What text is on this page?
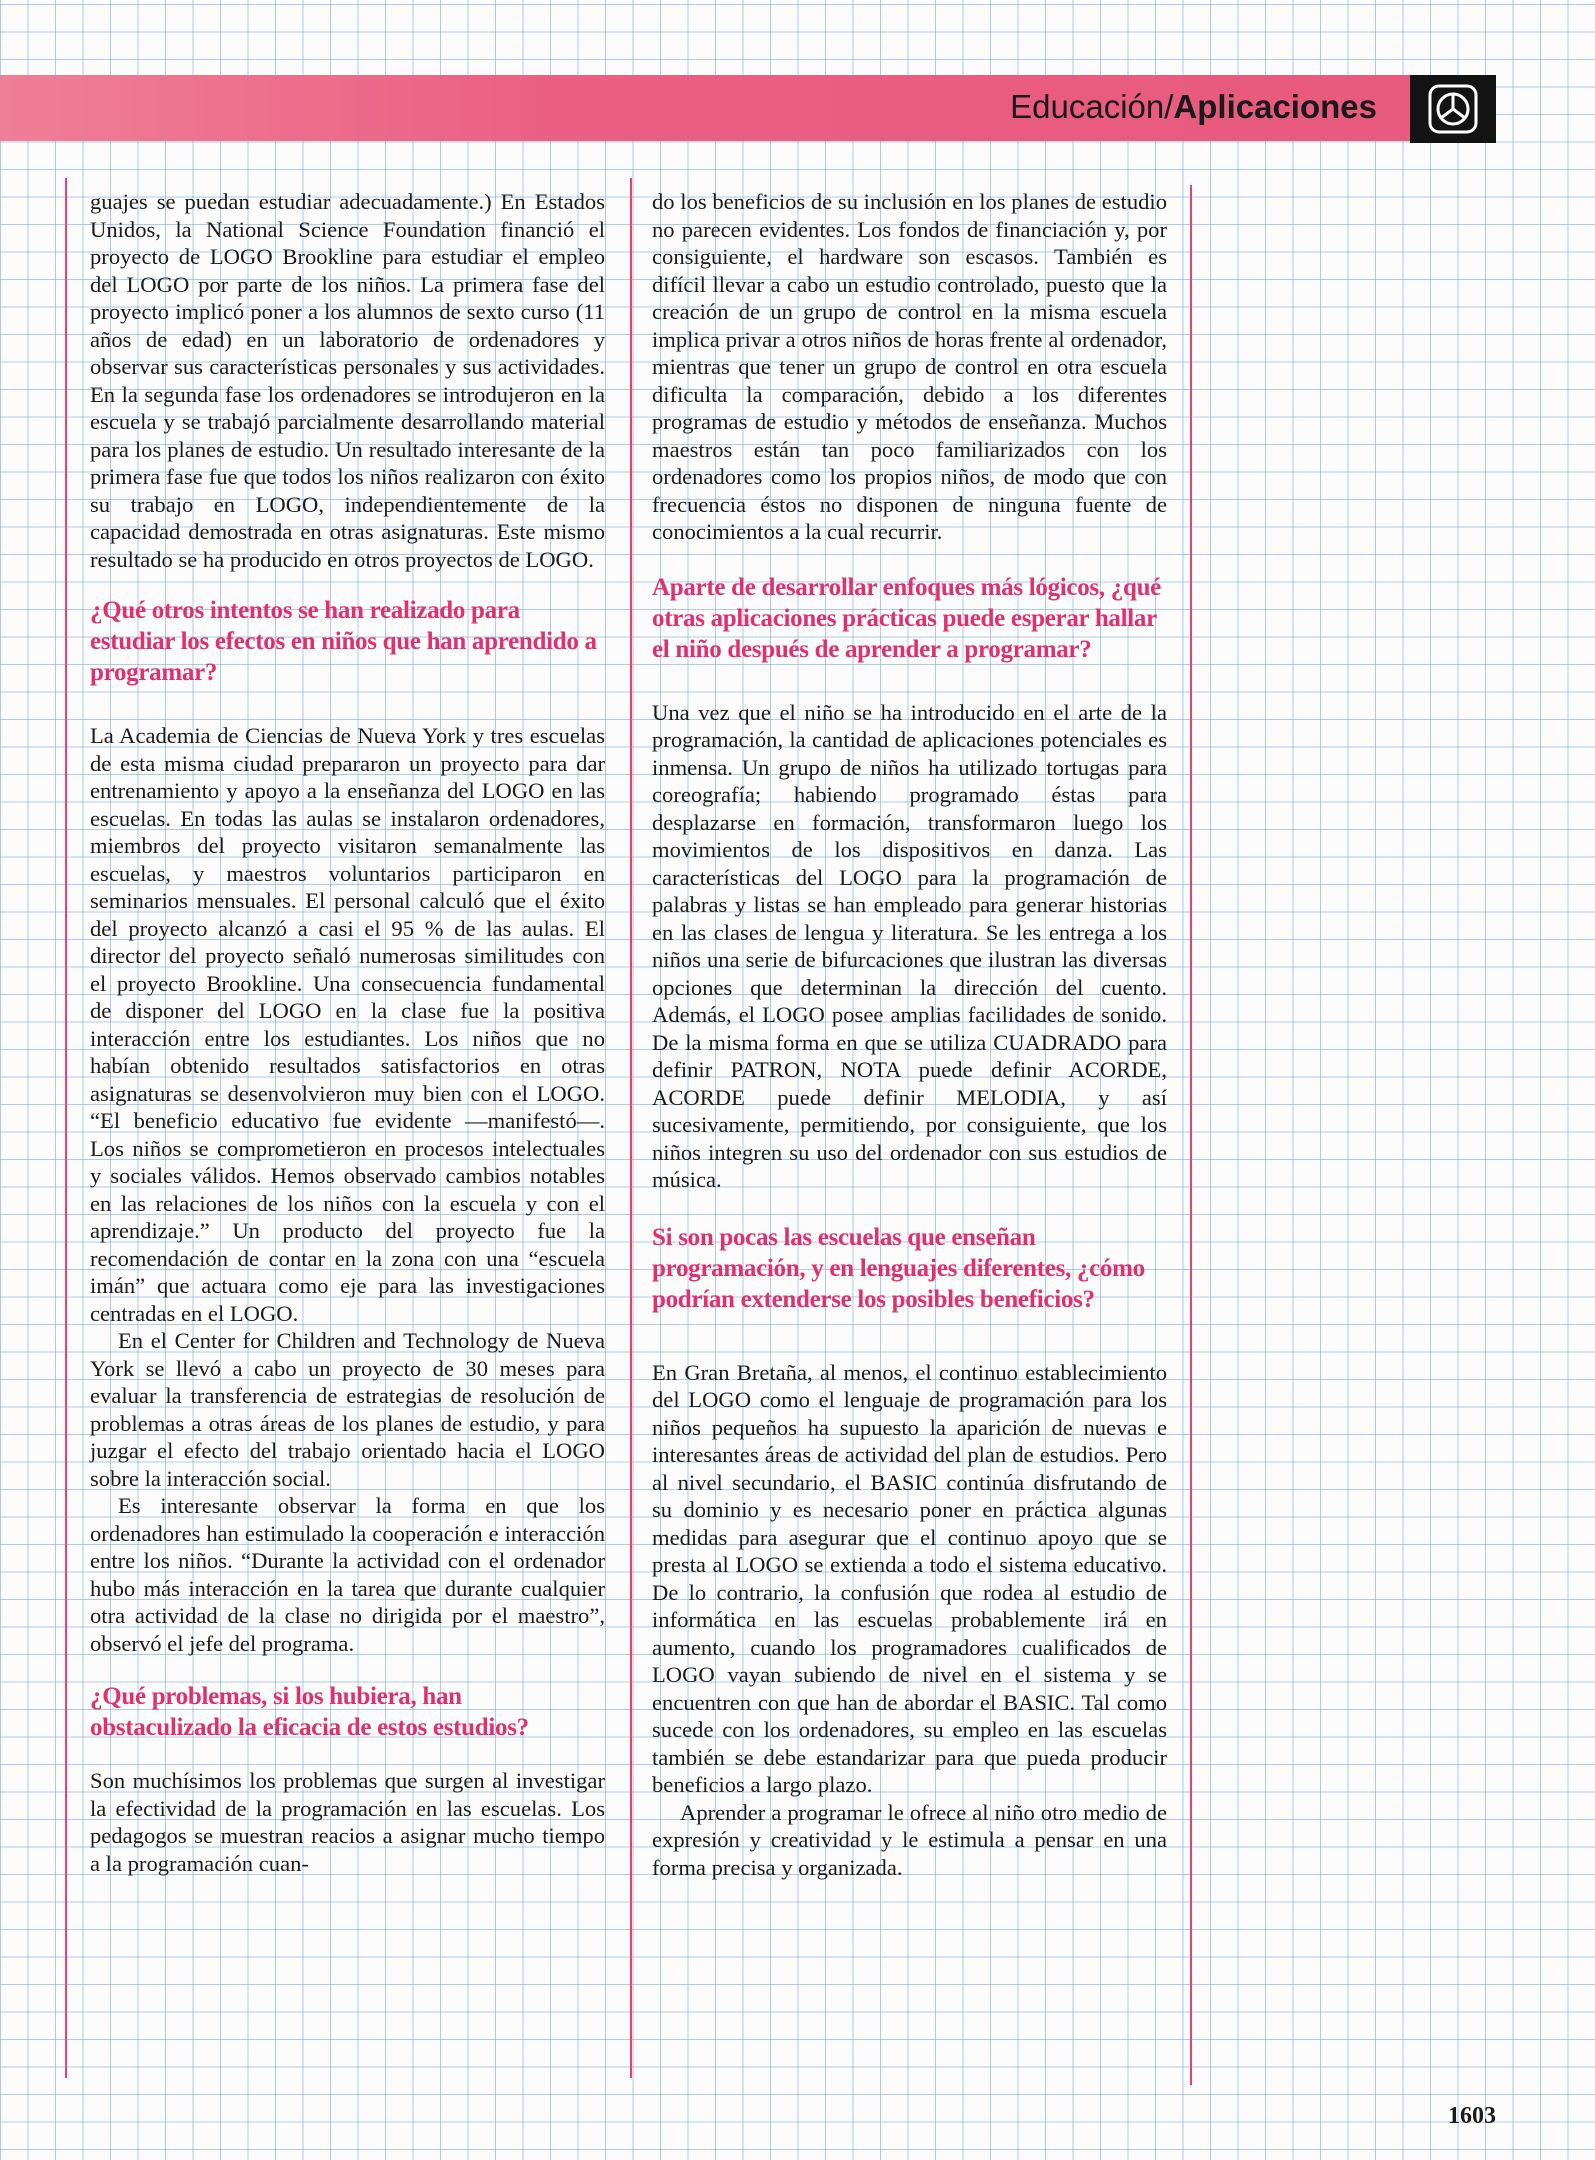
Educación/Aplicaciones

guajes se puedan estudiar adecuadamente.) En Estados Unidos, la National Science Foundation financió el proyecto de LOGO Brookline para estudiar el empleo del LOGO por parte de los niños. La primera fase del proyecto implicó poner a los alumnos de sexto curso (11 años de edad) en un laboratorio de ordenadores y observar sus características personales y sus actividades. En la segunda fase los ordenadores se introdujeron en la escuela y se trabajó parcialmente desarrollando material para los planes de estudio. Un resultado interesante de la primera fase fue que todos los niños realizaron con éxito su trabajo en LOGO, independientemente de la capacidad demostrada en otras asignaturas. Este mismo resultado se ha producido en otros proyectos de LOGO.

¿Qué otros intentos se han realizado para estudiar los efectos en niños que han aprendido a programar?

La Academia de Ciencias de Nueva York y tres escuelas de esta misma ciudad prepararon un proyecto para dar entrenamiento y apoyo a la enseñanza del LOGO en las escuelas. En todas las aulas se instalaron ordenadores, miembros del proyecto visitaron semanalmente las escuelas, y maestros voluntarios participaron en seminarios mensuales. El personal calculó que el éxito del proyecto alcanzó a casi el 95 % de las aulas. El director del proyecto señaló numerosas similitudes con el proyecto Brookline. Una consecuencia fundamental de disponer del LOGO en la clase fue la positiva interacción entre los estudiantes. Los niños que no habían obtenido resultados satisfactorios en otras asignaturas se desenvolvieron muy bien con el LOGO. “El beneficio educativo fue evidente —manifestó—. Los niños se comprometieron en procesos intelectuales y sociales válidos. Hemos observado cambios notables en las relaciones de los niños con la escuela y con el aprendizaje.” Un producto del proyecto fue la recomendación de contar en la zona con una “escuela imán” que actuara como eje para las investigaciones centradas en el LOGO.

En el Center for Children and Technology de Nueva York se llevó a cabo un proyecto de 30 meses para evaluar la transferencia de estrategias de resolución de problemas a otras áreas de los planes de estudio, y para juzgar el efecto del trabajo orientado hacia el LOGO sobre la interacción social.

Es interesante observar la forma en que los ordenadores han estimulado la cooperación e interacción entre los niños. “Durante la actividad con el ordenador hubo más interacción en la tarea que durante cualquier otra actividad de la clase no dirigida por el maestro”, observó el jefe del programa.

¿Qué problemas, si los hubiera, han obstaculizado la eficacia de estos estudios?

Son muchísimos los problemas que surgen al investigar la efectividad de la programación en las escuelas. Los pedagogos se muestran reacios a asignar mucho tiempo a la programación cuan-

do los beneficios de su inclusión en los planes de estudio no parecen evidentes. Los fondos de financiación y, por consiguiente, el hardware son escasos. También es difícil llevar a cabo un estudio controlado, puesto que la creación de un grupo de control en la misma escuela implica privar a otros niños de horas frente al ordenador, mientras que tener un grupo de control en otra escuela dificulta la comparación, debido a los diferentes programas de estudio y métodos de enseñanza. Muchos maestros están tan poco familiarizados con los ordenadores como los propios niños, de modo que con frecuencia éstos no disponen de ninguna fuente de conocimientos a la cual recurrir.

Aparte de desarrollar enfoques más lógicos, ¿qué otras aplicaciones prácticas puede esperar hallar el niño después de aprender a programar?

Una vez que el niño se ha introducido en el arte de la programación, la cantidad de aplicaciones potenciales es inmensa. Un grupo de niños ha utilizado tortugas para coreografía; habiendo programado éstas para desplazarse en formación, transformaron luego los movimientos de los dispositivos en danza. Las características del LOGO para la programación de palabras y listas se han empleado para generar historias en las clases de lengua y literatura. Se les entrega a los niños una serie de bifurcaciones que ilustran las diversas opciones que determinan la dirección del cuento. Además, el LOGO posee amplias facilidades de sonido. De la misma forma en que se utiliza CUADRADO para definir PATRON, NOTA puede definir ACORDE, ACORDE puede definir MELODIA, y así sucesivamente, permitiendo, por consiguiente, que los niños integren su uso del ordenador con sus estudios de música.

Si son pocas las escuelas que enseñan programación, y en lenguajes diferentes, ¿cómo podrían extenderse los posibles beneficios?

En Gran Bretaña, al menos, el continuo establecimiento del LOGO como el lenguaje de programación para los niños pequeños ha supuesto la aparición de nuevas e interesantes áreas de actividad del plan de estudios. Pero al nivel secundario, el BASIC continúa disfrutando de su dominio y es necesario poner en práctica algunas medidas para asegurar que el continuo apoyo que se presta al LOGO se extienda a todo el sistema educativo. De lo contrario, la confusión que rodea al estudio de informática en las escuelas probablemente irá en aumento, cuando los programadores cualificados de LOGO vayan subiendo de nivel en el sistema y se encuentren con que han de abordar el BASIC. Tal como sucede con los ordenadores, su empleo en las escuelas también se debe estandarizar para que pueda producir beneficios a largo plazo.

Aprender a programar le ofrece al niño otro medio de expresión y creatividad y le estimula a pensar en una forma precisa y organizada.

1603
